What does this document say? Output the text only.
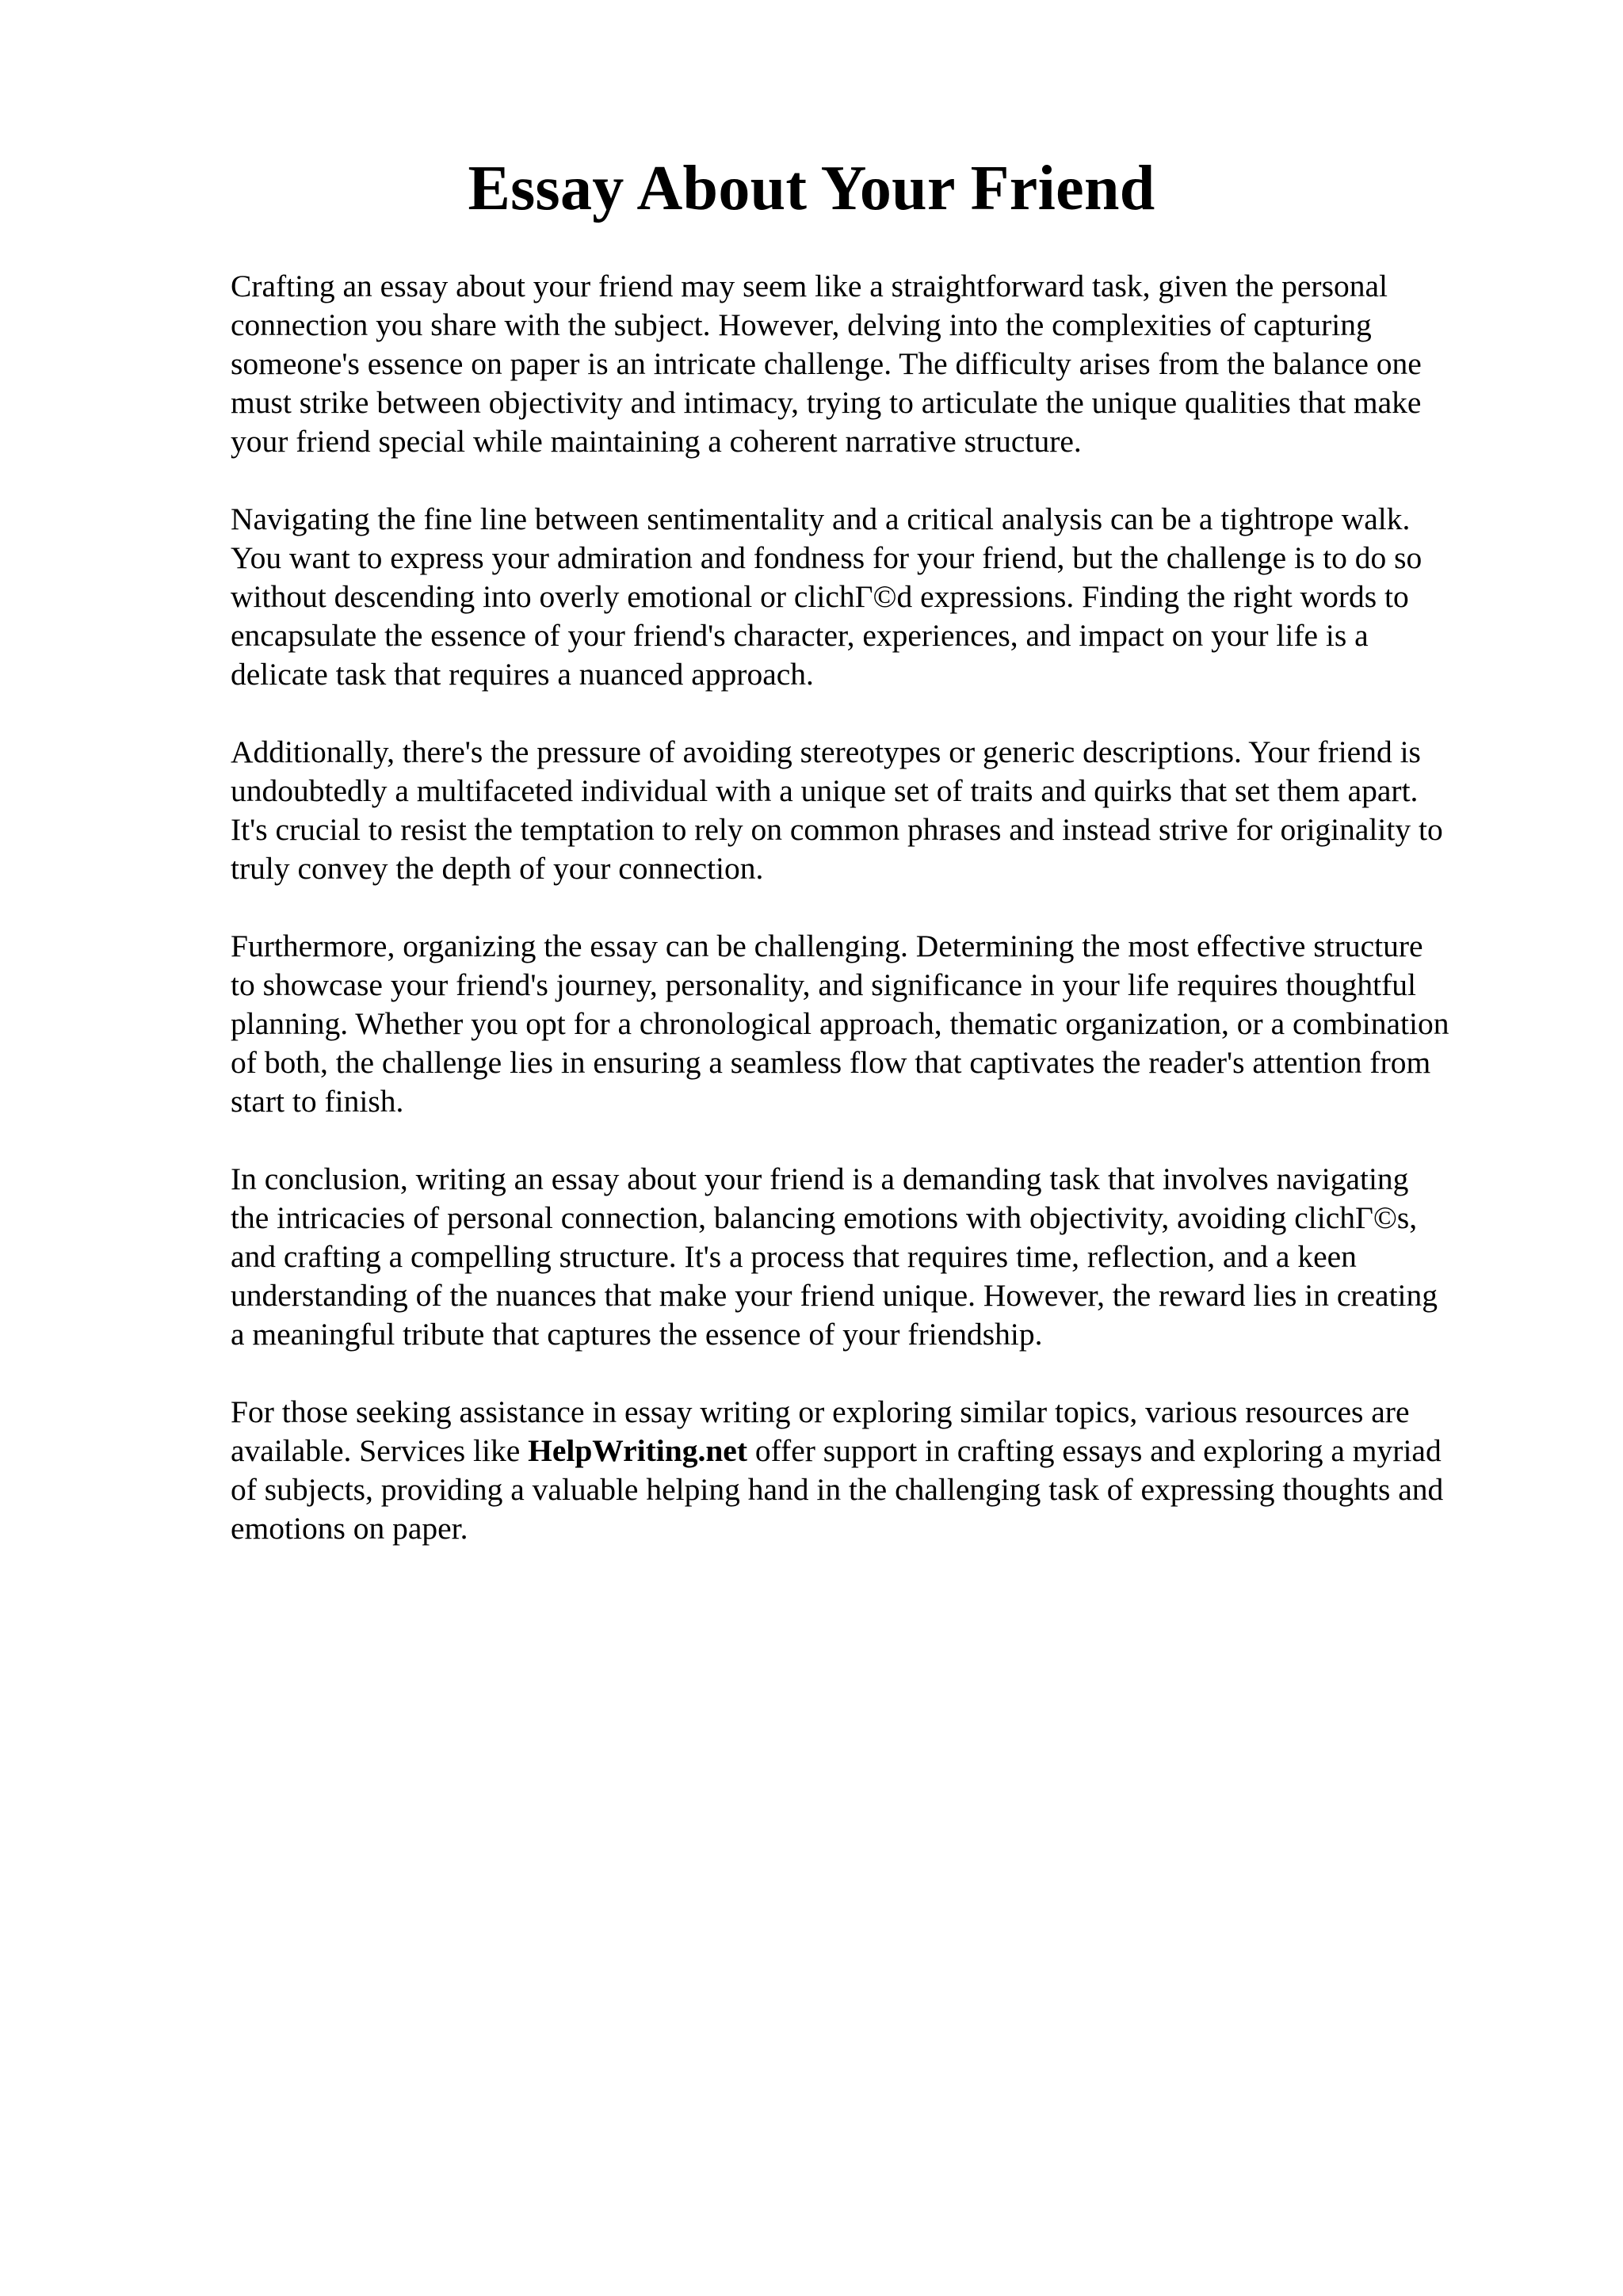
Essay About Your Friend

Crafting an essay about your friend may seem like a straightforward task, given the personal
connection you share with the subject. However, delving into the complexities of capturing
someone's essence on paper is an intricate challenge. The difficulty arises from the balance one
must strike between objectivity and intimacy, trying to articulate the unique qualities that make
your friend special while maintaining a coherent narrative structure.

Navigating the fine line between sentimentality and a critical analysis can be a tightrope walk.
You want to express your admiration and fondness for your friend, but the challenge is to do so
without descending into overly emotional or clichГ©d expressions. Finding the right words to
encapsulate the essence of your friend's character, experiences, and impact on your life is a
delicate task that requires a nuanced approach.

Additionally, there's the pressure of avoiding stereotypes or generic descriptions. Your friend is
undoubtedly a multifaceted individual with a unique set of traits and quirks that set them apart.
It's crucial to resist the temptation to rely on common phrases and instead strive for originality to
truly convey the depth of your connection.

Furthermore, organizing the essay can be challenging. Determining the most effective structure
to showcase your friend's journey, personality, and significance in your life requires thoughtful
planning. Whether you opt for a chronological approach, thematic organization, or a combination
of both, the challenge lies in ensuring a seamless flow that captivates the reader's attention from
start to finish.

In conclusion, writing an essay about your friend is a demanding task that involves navigating
the intricacies of personal connection, balancing emotions with objectivity, avoiding clichГ©s,
and crafting a compelling structure. It's a process that requires time, reflection, and a keen
understanding of the nuances that make your friend unique. However, the reward lies in creating
a meaningful tribute that captures the essence of your friendship.

For those seeking assistance in essay writing or exploring similar topics, various resources are
available. Services like HelpWriting.net offer support in crafting essays and exploring a myriad
of subjects, providing a valuable helping hand in the challenging task of expressing thoughts and
emotions on paper.
